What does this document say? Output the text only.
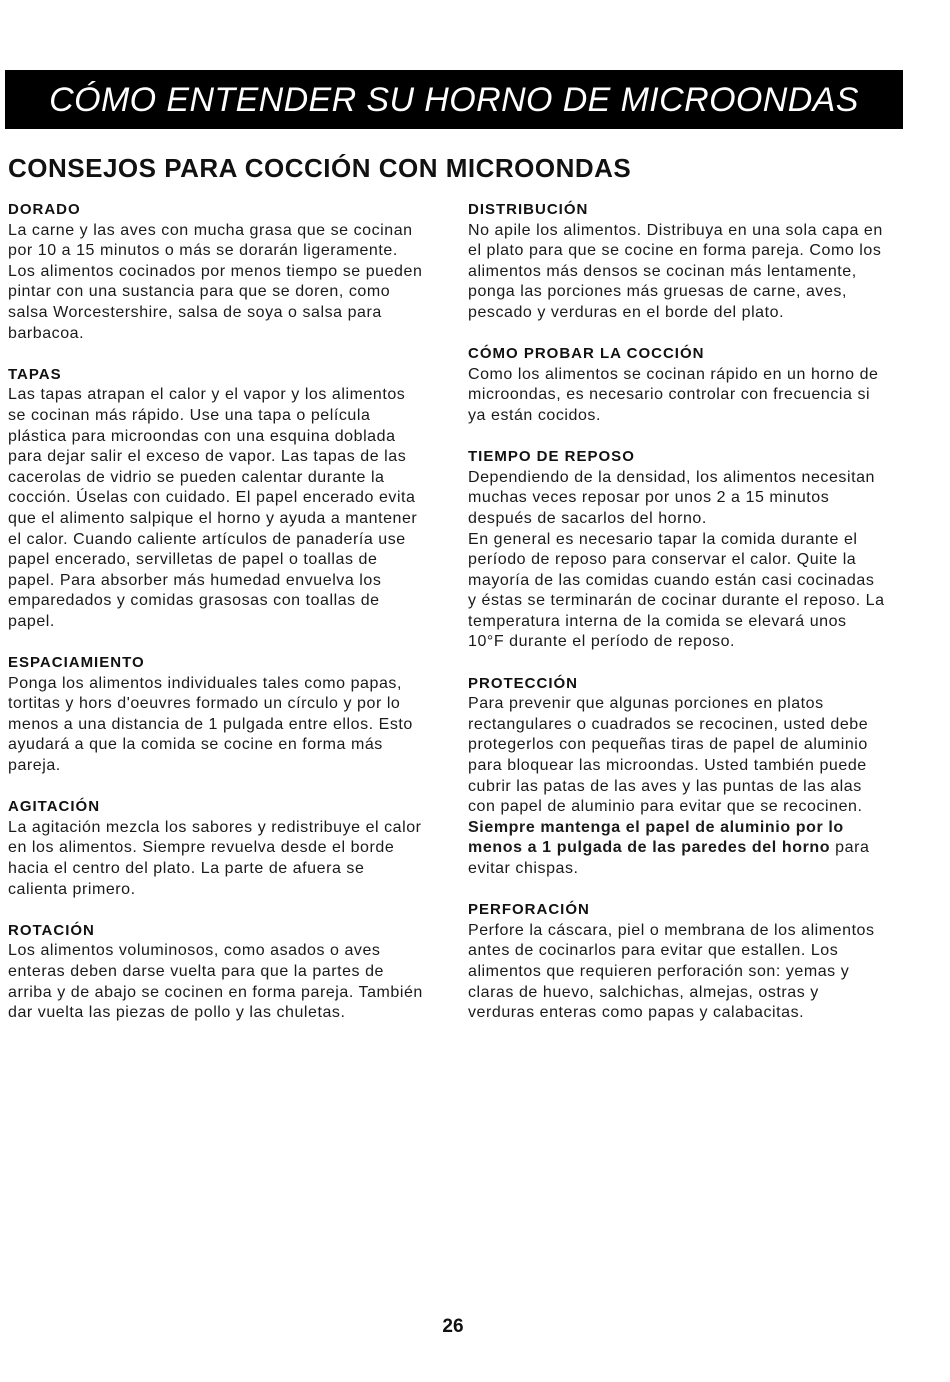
CÓMO ENTENDER SU HORNO DE MICROONDAS
CONSEJOS PARA COCCIÓN CON MICROONDAS
DORADO
La carne y las aves con mucha grasa que se cocinan
por 10 a 15 minutos o más se dorarán ligeramente.
Los alimentos cocinados por menos tiempo se pueden
pintar con una sustancia para que se doren, como
salsa Worcestershire, salsa de soya o salsa para
barbacoa.
TAPAS
Las tapas atrapan el calor y el vapor y los alimentos
se cocinan más rápido. Use una tapa o película
plástica para microondas con una esquina doblada
para dejar salir el exceso de vapor. Las tapas de las
cacerolas de vidrio se pueden calentar durante la
cocción. Úselas con cuidado. El papel encerado evita
que el alimento salpique el horno y ayuda a mantener
el calor. Cuando caliente artículos de panadería use
papel encerado, servilletas de papel o toallas de
papel. Para absorber más humedad envuelva los
emparedados y comidas grasosas con toallas de
papel.
ESPACIAMIENTO
Ponga los alimentos individuales tales como papas,
tortitas y hors d'oeuvres formado un círculo y por lo
menos a una distancia de 1 pulgada entre ellos. Esto
ayudará a que la comida se cocine en forma más
pareja.
AGITACIÓN
La agitación mezcla los sabores y redistribuye el calor
en los alimentos. Siempre revuelva desde el borde
hacia el centro del plato. La parte de afuera se
calienta primero.
ROTACIÓN
Los alimentos voluminosos, como asados o aves
enteras deben darse vuelta para que la partes de
arriba y de abajo se cocinen en forma pareja. También
dar vuelta las piezas de pollo y las chuletas.
DISTRIBUCIÓN
No apile los alimentos. Distribuya en una sola capa en
el plato para que se cocine en forma pareja. Como los
alimentos más densos se cocinan más lentamente,
ponga las porciones más gruesas de carne, aves,
pescado y verduras en el borde del plato.
CÓMO PROBAR LA COCCIÓN
Como los alimentos se cocinan rápido en un horno de
microondas, es necesario controlar con frecuencia si
ya están cocidos.
TIEMPO DE REPOSO
Dependiendo de la densidad, los alimentos necesitan
muchas veces reposar por unos 2 a 15 minutos
después de sacarlos del horno.
En general es necesario tapar la comida durante el
período de reposo para conservar el calor. Quite la
mayoría de las comidas cuando están casi cocinadas
y éstas se terminarán de cocinar durante el reposo. La
temperatura interna de la comida se elevará unos
10°F durante el período de reposo.
PROTECCIÓN
Para prevenir que algunas porciones en platos
rectangulares o cuadrados se recocinen, usted debe
protegerlos con pequeñas tiras de papel de aluminio
para bloquear las microondas. Usted también puede
cubrir las patas de las aves y las puntas de las alas
con papel de aluminio para evitar que se recocinen.
Siempre mantenga el papel de aluminio por lo
menos a 1 pulgada de las paredes del horno para
evitar chispas.
PERFORACIÓN
Perfore la cáscara, piel o membrana de los alimentos
antes de cocinarlos para evitar que estallen. Los
alimentos que requieren perforación son: yemas y
claras de huevo, salchichas, almejas, ostras y
verduras enteras como papas y calabacitas.
26
